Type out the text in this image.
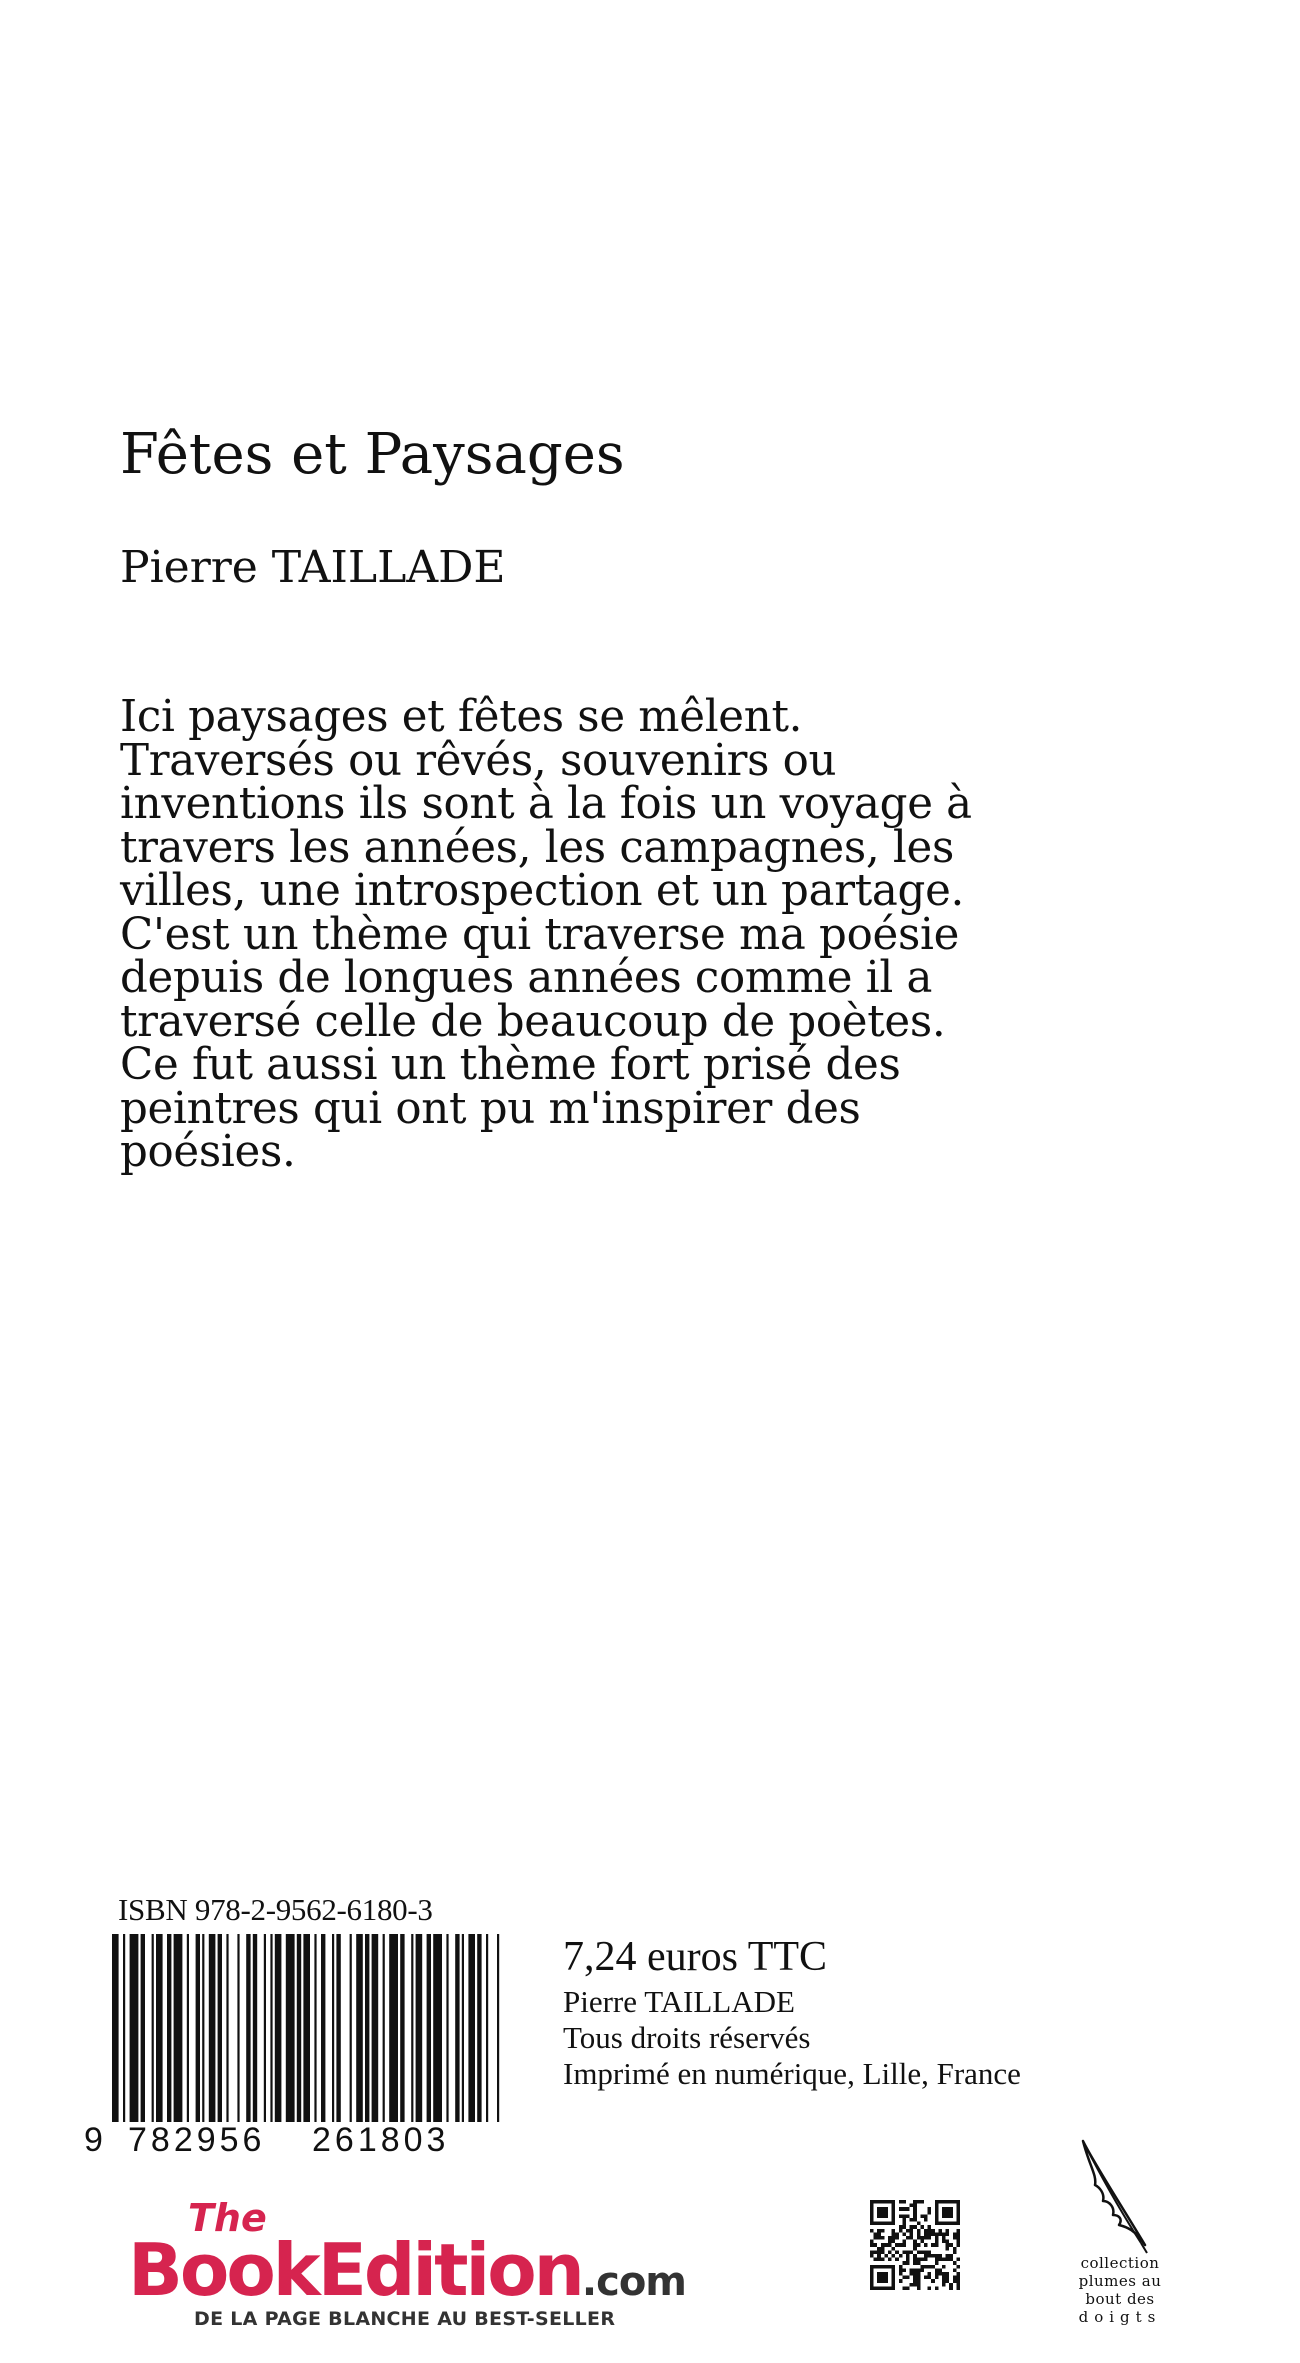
Fêtes et Paysages
Pierre TAILLADE
Ici paysages et fêtes se mêlent.
Traversés ou rêvés, souvenirs ou
inventions ils sont à la fois un voyage à
travers les années, les campagnes, les
villes, une introspection et un partage.
C'est un thème qui traverse ma poésie
depuis de longues années comme il a
traversé celle de beaucoup de poètes.
Ce fut aussi un thème fort prisé des
peintres qui ont pu m'inspirer des
poésies.
ISBN 978-2-9562-6180-3
9 782956 261803
7,24 euros TTC
Pierre TAILLADE
Tous droits réservés
Imprimé en numérique, Lille, France
The
BookEdition.com
DE LA PAGE BLANCHE AU BEST-SELLER
collection
plumes au
bout des
doigts
